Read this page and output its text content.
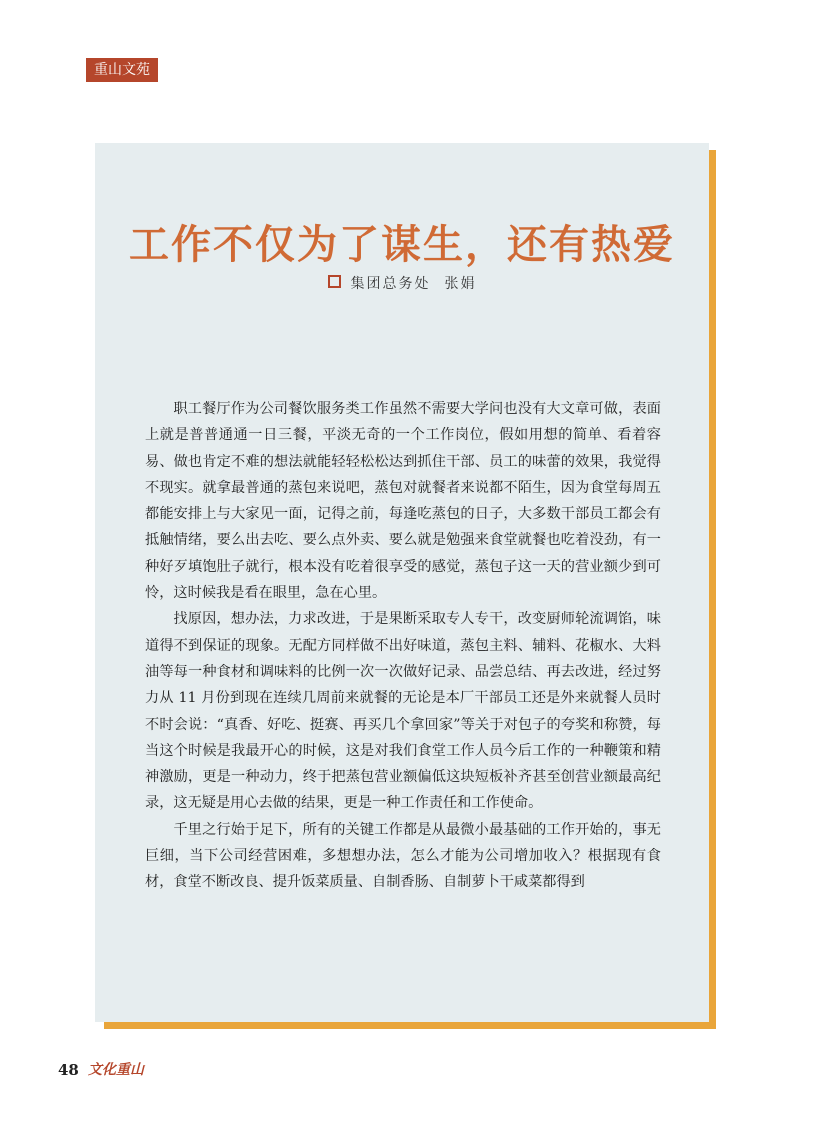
重山文苑
工作不仅为了谋生，还有热爱
集团总务处 张娟

职工餐厅作为公司餐饮服务类工作虽然不需要大学问也没有大文章可做，表面上就是普普通通一日三餐，平淡无奇的一个工作岗位，假如用想的简单、看着容易、做也肯定不难的想法就能轻轻松松达到抓住干部、员工的味蕾的效果，我觉得不现实。就拿最普通的蒸包来说吧，蒸包对就餐者来说都不陌生，因为食堂每周五都能安排上与大家见一面，记得之前，每逢吃蒸包的日子，大多数干部员工都会有抵触情绪，要么出去吃、要么点外卖、要么就是勉强来食堂就餐也吃着没劲，有一种好歹填饱肚子就行，根本没有吃着很享受的感觉，蒸包子这一天的营业额少到可怜，这时候我是看在眼里，急在心里。

找原因，想办法，力求改进，于是果断采取专人专干，改变厨师轮流调馅，味道得不到保证的现象。无配方同样做不出好味道，蒸包主料、辅料、花椒水、大料油等每一种食材和调味料的比例一次一次做好记录、品尝总结、再去改进，经过努力从 11 月份到现在连续几周前来就餐的无论是本厂干部员工还是外来就餐人员时不时会说：“真香、好吃、挺赛、再买几个拿回家”等关于对包子的夸奖和称赞，每当这个时候是我最开心的时候，这是对我们食堂工作人员今后工作的一种鞭策和精神激励，更是一种动力，终于把蒸包营业额偏低这块短板补齐甚至创营业额最高纪录，这无疑是用心去做的结果，更是一种工作责任和工作使命。

千里之行始于足下，所有的关键工作都是从最微小最基础的工作开始的，事无巨细，当下公司经营困难，多想想办法，怎么才能为公司增加收入？根据现有食材，食堂不断改良、提升饭菜质量、自制香肠、自制萝卜干咸菜都得到

48 文化重山
